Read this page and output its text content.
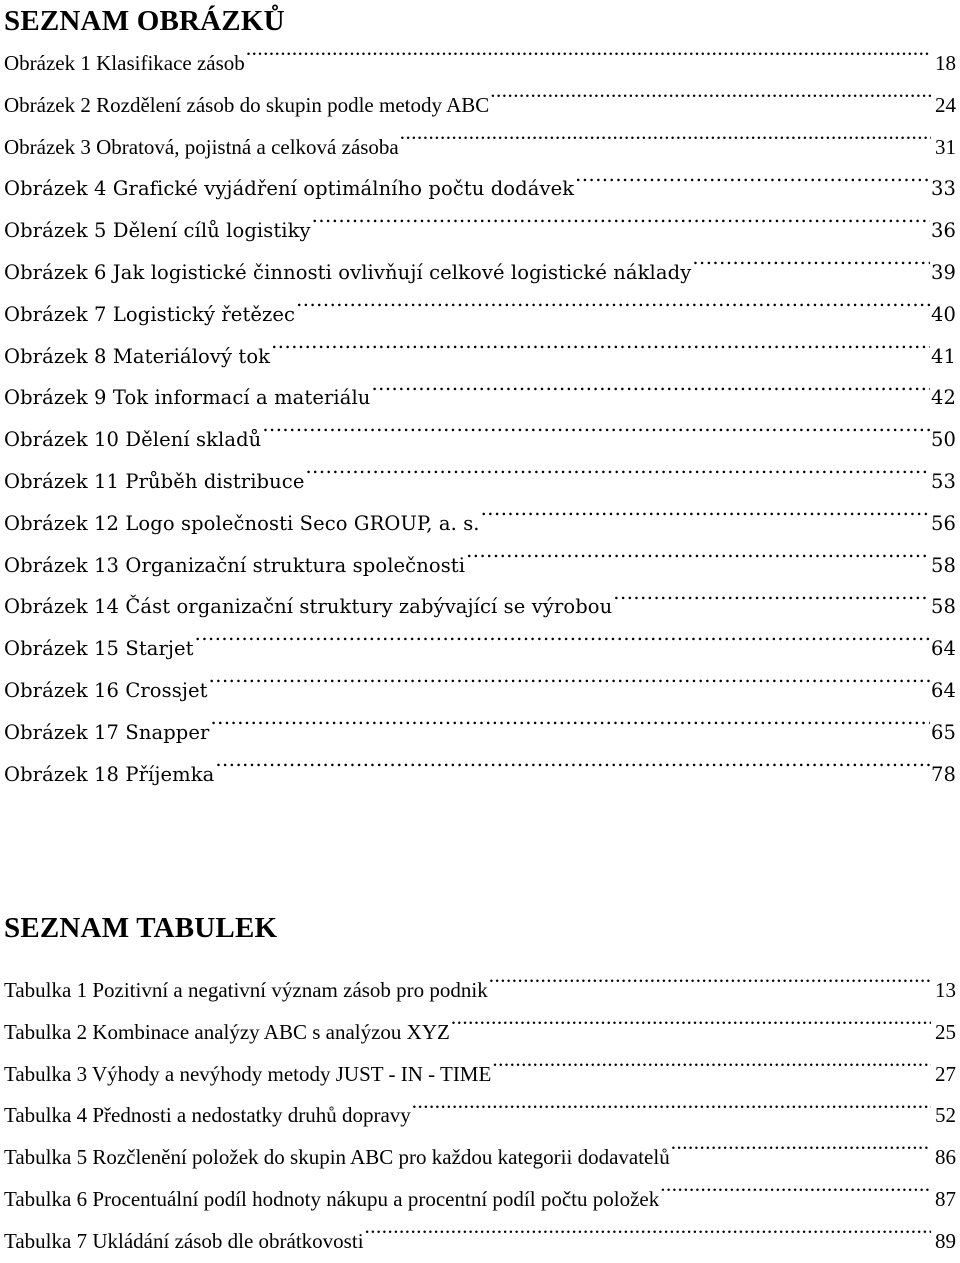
SEZNAM OBRÁZKŮ
Obrázek 1 Klasifikace zásob .....	18
Obrázek 2 Rozdělení zásob do skupin podle metody ABC .....	24
Obrázek 3 Obratová, pojistná a celková zásoba .....	31
Obrázek 4 Grafické vyjádření optimálního počtu dodávek .....	33
Obrázek 5 Dělení cílů logistiky .....	36
Obrázek 6 Jak logistické činnosti ovlivňují celkové logistické náklady .....	39
Obrázek 7 Logistický řetězec .....	40
Obrázek 8 Materiálový tok .....	41
Obrázek 9 Tok informací a materiálu .....	42
Obrázek 10 Dělení skladů .....	50
Obrázek 11 Průběh distribuce .....	53
Obrázek 12 Logo společnosti Seco GROUP, a. s. .....	56
Obrázek 13 Organizační struktura společnosti .....	58
Obrázek 14 Část organizační struktury zabývající se výrobou .....	58
Obrázek 15 Starjet .....	64
Obrázek 16 Crossjet .....	64
Obrázek 17 Snapper .....	65
Obrázek 18 Příjemka .....	78
SEZNAM TABULEK
Tabulka 1 Pozitivní a negativní význam zásob pro podnik .....	13
Tabulka 2 Kombinace analýzy ABC s analýzou XYZ .....	25
Tabulka 3 Výhody a nevýhody metody JUST - IN - TIME .....	27
Tabulka 4 Přednosti a nedostatky druhů dopravy .....	52
Tabulka 5 Rozčlenění položek do skupin ABC pro každou kategorii dodavatelů .....	86
Tabulka 6 Procentuální podíl hodnoty nákupu a procentní podíl počtu položek .....	87
Tabulka 7 Ukládání zásob dle obrátkovosti .....	89
